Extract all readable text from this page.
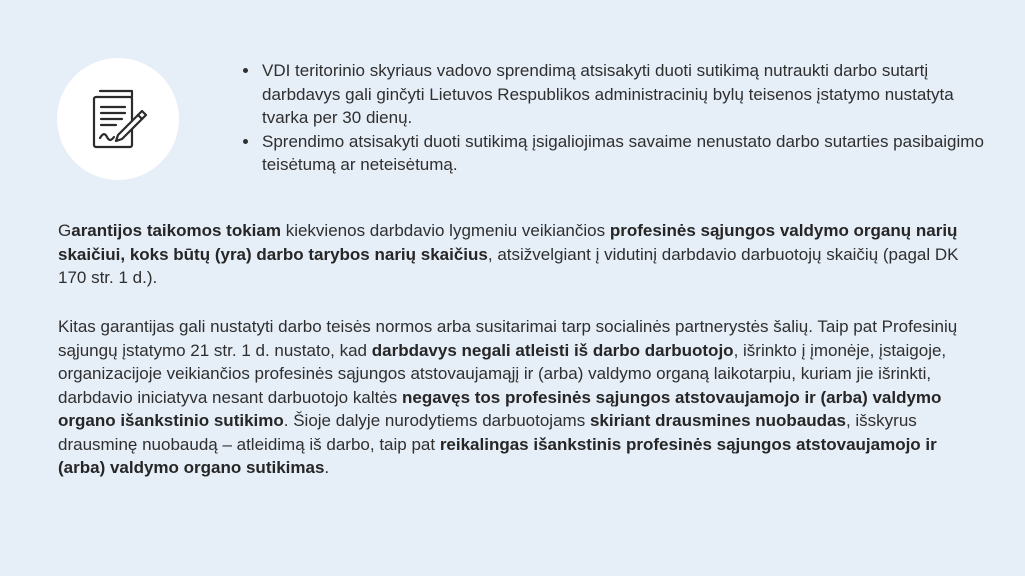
• VDI teritorinio skyriaus vadovo sprendimą atsisakyti duoti sutikimą nutraukti darbo sutartį darbdavys gali ginčyti Lietuvos Respublikos administracinių bylų teisenos įstatymo nustatyta tvarka per 30 dienų.
• Sprendimo atsisakyti duoti sutikimą įsigaliojimas savaime nenustato darbo sutarties pasibaigimo teisėtumą ar neteisėtumą.

Garantijos taikomos tokiam kiekvienos darbdavio lygmeniu veikiančios profesinės sąjungos valdymo organų narių skaičiui, koks būtų (yra) darbo tarybos narių skaičius, atsižvelgiant į vidutinį darbdavio darbuotojų skaičių (pagal DK 170 str. 1 d.).

Kitas garantijas gali nustatyti darbo teisės normos arba susitarimai tarp socialinės partnerystės šalių. Taip pat Profesinių sąjungų įstatymo 21 str. 1 d. nustato, kad darbdavys negali atleisti iš darbo darbuotojo, išrinkto į įmonėje, įstaigoje, organizacijoje veikiančios profesinės sąjungos atstovaujamąjį ir (arba) valdymo organą laikotarpiu, kuriam jie išrinkti, darbdavio iniciatyva nesant darbuotojo kaltės negavęs tos profesinės sąjungos atstovaujamojo ir (arba) valdymo organo išankstinio sutikimo. Šioje dalyje nurodytiems darbuotojams skiriant drausmines nuobaudas, išskyrus drausminę nuobaudą – atleidimą iš darbo, taip pat reikalingas išankstinis profesinės sąjungos atstovaujamojo ir (arba) valdymo organo sutikimas.
